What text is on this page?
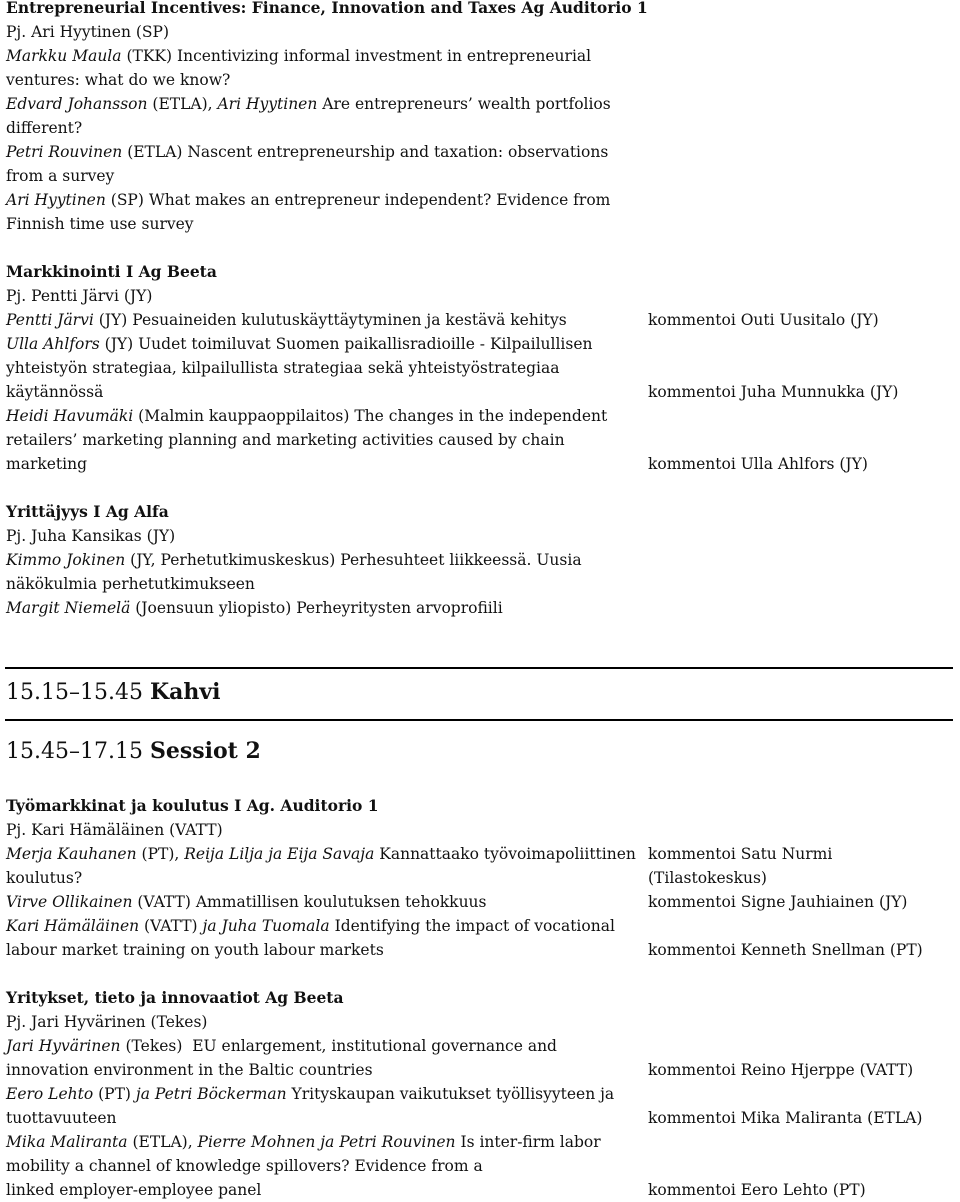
Entrepreneurial Incentives: Finance, Innovation and Taxes Ag Auditorio 1
Pj. Ari Hyytinen (SP)
Markku Maula (TKK) Incentivizing informal investment in entrepreneurial
ventures: what do we know?
Edvard Johansson (ETLA), Ari Hyytinen Are entrepreneurs’ wealth portfolios
different?
Petri Rouvinen (ETLA) Nascent entrepreneurship and taxation: observations
from a survey
Ari Hyytinen (SP) What makes an entrepreneur independent? Evidence from
Finnish time use survey
Markkinointi I Ag Beeta
Pj. Pentti Järvi (JY)
Pentti Järvi (JY) Pesuaineiden kulutuskäyttäytyminen ja kestävä kehitys	kommentoi Outi Uusitalo (JY)
Ulla Ahlfors (JY) Uudet toimiluvat Suomen paikallisradioille - Kilpailullisen
yhteistyön strategiaa, kilpailullista strategiaa sekä yhteistyöstrategiaa
käytännössä	kommentoi Juha Munnukka (JY)
Heidi Havumäki (Malmin kauppaoppilaitos) The changes in the independent
retailers’ marketing planning and marketing activities caused by chain
marketing	kommentoi Ulla Ahlfors (JY)
Yrittäjyys I Ag Alfa
Pj. Juha Kansikas (JY)
Kimmo Jokinen (JY, Perhetutkimuskeskus) Perhesuhteet liikkeessä. Uusia
näkökulmia perhetutkimukseen
Margit Niemelä (Joensuun yliopisto) Perheyritysten arvoprofiili
15.15–15.45 Kahvi
15.45–17.15 Sessiot 2
Työmarkkinat ja koulutus I Ag. Auditorio 1
Pj. Kari Hämäläinen (VATT)
Merja Kauhanen (PT), Reija Lilja ja Eija Savaja Kannattaako työvoimapoliittinen kommentoi Satu Nurmi
koulutus?	(Tilastokeskus)
Virve Ollikainen (VATT) Ammatillisen koulutuksen tehokkuus	kommentoi Signe Jauhiainen (JY)
Kari Hämäläinen (VATT) ja Juha Tuomala Identifying the impact of vocational
labour market training on youth labour markets	kommentoi Kenneth Snellman (PT)
Yritykset, tieto ja innovaatiot Ag Beeta
Pj. Jari Hyvärinen (Tekes)
Jari Hyvärinen (Tekes)  EU enlargement, institutional governance and
innovation environment in the Baltic countries	kommentoi Reino Hjerppe (VATT)
Eero Lehto (PT) ja Petri Böckerman Yrityskaupan vaikutukset työllisyyteen ja
tuottavuuteen	kommentoi Mika Maliranta (ETLA)
Mika Maliranta (ETLA), Pierre Mohnen ja Petri Rouvinen Is inter-firm labor
mobility a channel of knowledge spillovers? Evidence from a
linked employer-employee panel	kommentoi Eero Lehto (PT)
